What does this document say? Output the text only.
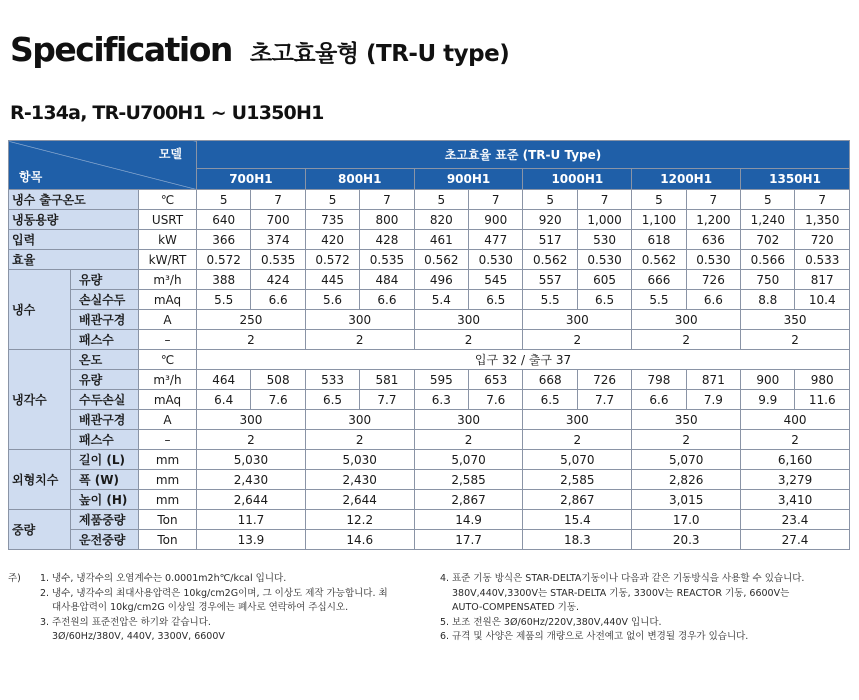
Specification 초고효율형 (TR-U type)
R-134a, TR-U700H1 ~ U1350H1
모델
항목			초고효율 표준 (TR-U Type)											
			700H1		800H1		900H1		1000H1		1200H1		1350H1	
냉수 출구온도		℃	5	7	5	7	5	7	5	7	5	7	5	7
냉동용량		USRT	640	700	735	800	820	900	920	1,000	1,100	1,200	1,240	1,350
입력		kW	366	374	420	428	461	477	517	530	618	636	702	720
효율		kW/RT	0.572	0.535	0.572	0.535	0.562	0.530	0.562	0.530	0.562	0.530	0.566	0.533
냉수	유량	m³/h	388	424	445	484	496	545	557	605	666	726	750	817
	손실수두	mAq	5.5	6.6	5.6	6.6	5.4	6.5	5.5	6.5	5.5	6.6	8.8	10.4
	배관구경	A	250		300		300		300		300		350	
	패스수	–	2		2		2		2		2		2	
냉각수	온도	℃	입구 32 / 출구 37											
	유량	m³/h	464	508	533	581	595	653	668	726	798	871	900	980
	수두손실	mAq	6.4	7.6	6.5	7.7	6.3	7.6	6.5	7.7	6.6	7.9	9.9	11.6
	배관구경	A	300		300		300		300		350		400	
	패스수	–	2		2		2		2		2		2	
외형치수	길이 (L)	mm	5,030		5,030		5,070		5,070		5,070		6,160	
	폭 (W)	mm	2,430		2,430		2,585		2,585		2,826		3,279	
	높이 (H)	mm	2,644		2,644		2,867		2,867		3,015		3,410	
중량	제품중량	Ton	11.7		12.2		14.9		15.4		17.0		23.4	
	운전중량	Ton	13.9		14.6		17.7		18.3		20.3		27.4	
주) 1. 냉수, 냉각수의 오염계수는 0.0001m2h℃/kcal 입니다.
2. 냉수, 냉각수의 최대사용압력은 10kg/cm2G이며, 그 이상도 제작 가능합니다. 최
대사용압력이 10kg/cm2G 이상일 경우에는 폐사로 연락하여 주십시오.
3. 주전원의 표준전압은 하기와 같습니다.
3Ø/60Hz/380V, 440V, 3300V, 6600V
4. 표준 기동 방식은 STAR-DELTA기동이나 다음과 같은 기동방식을 사용할 수 있습니다.
380V,440V,3300V는 STAR-DELTA 기동, 3300V는 REACTOR 기동, 6600V는
AUTO-COMPENSATED 기동.
5. 보조 전원은 3Ø/60Hz/220V,380V,440V 입니다.
6. 규격 및 사양은 제품의 개량으로 사전예고 없이 변경될 경우가 있습니다.
